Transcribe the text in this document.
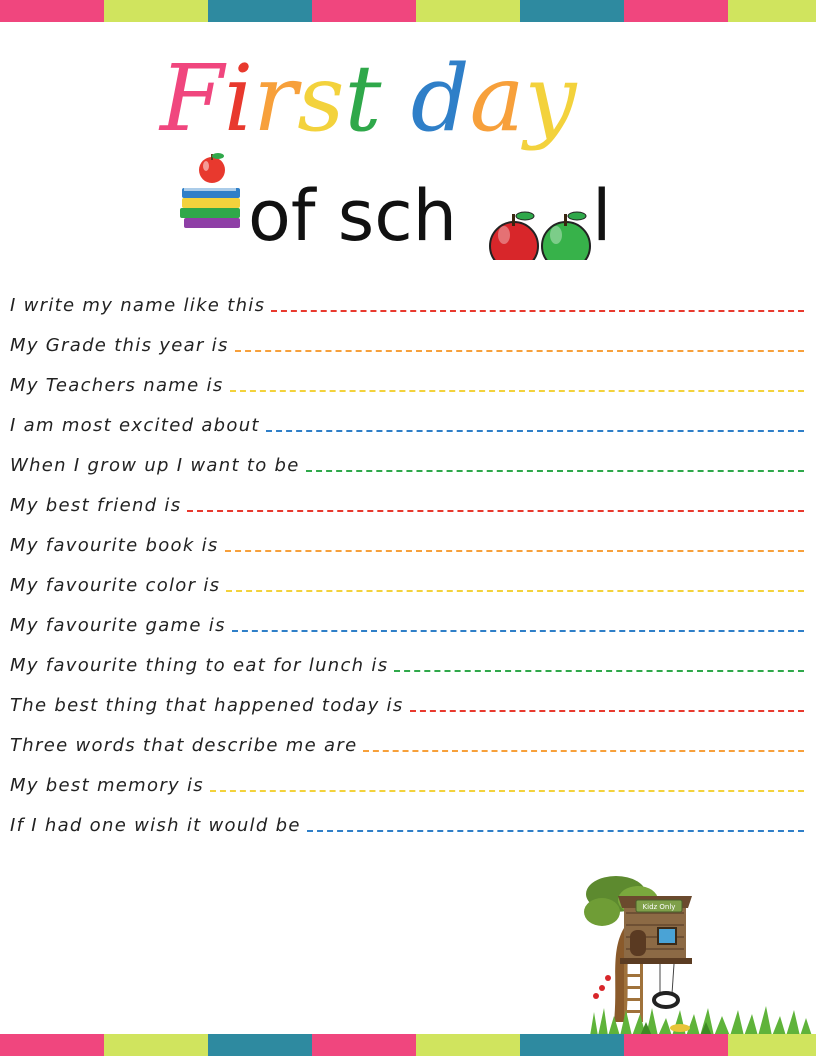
First day
of sch l
I write my name like this
My Grade this year is
My Teachers name is
I am most excited about
When I grow up I want to be
My best friend is
My favourite book is
My favourite color is
My favourite game is
My favourite thing to eat for lunch is
The best thing that happened today is
Three words that describe me are
My best memory is
If I had one wish it would be
Kidz Only
